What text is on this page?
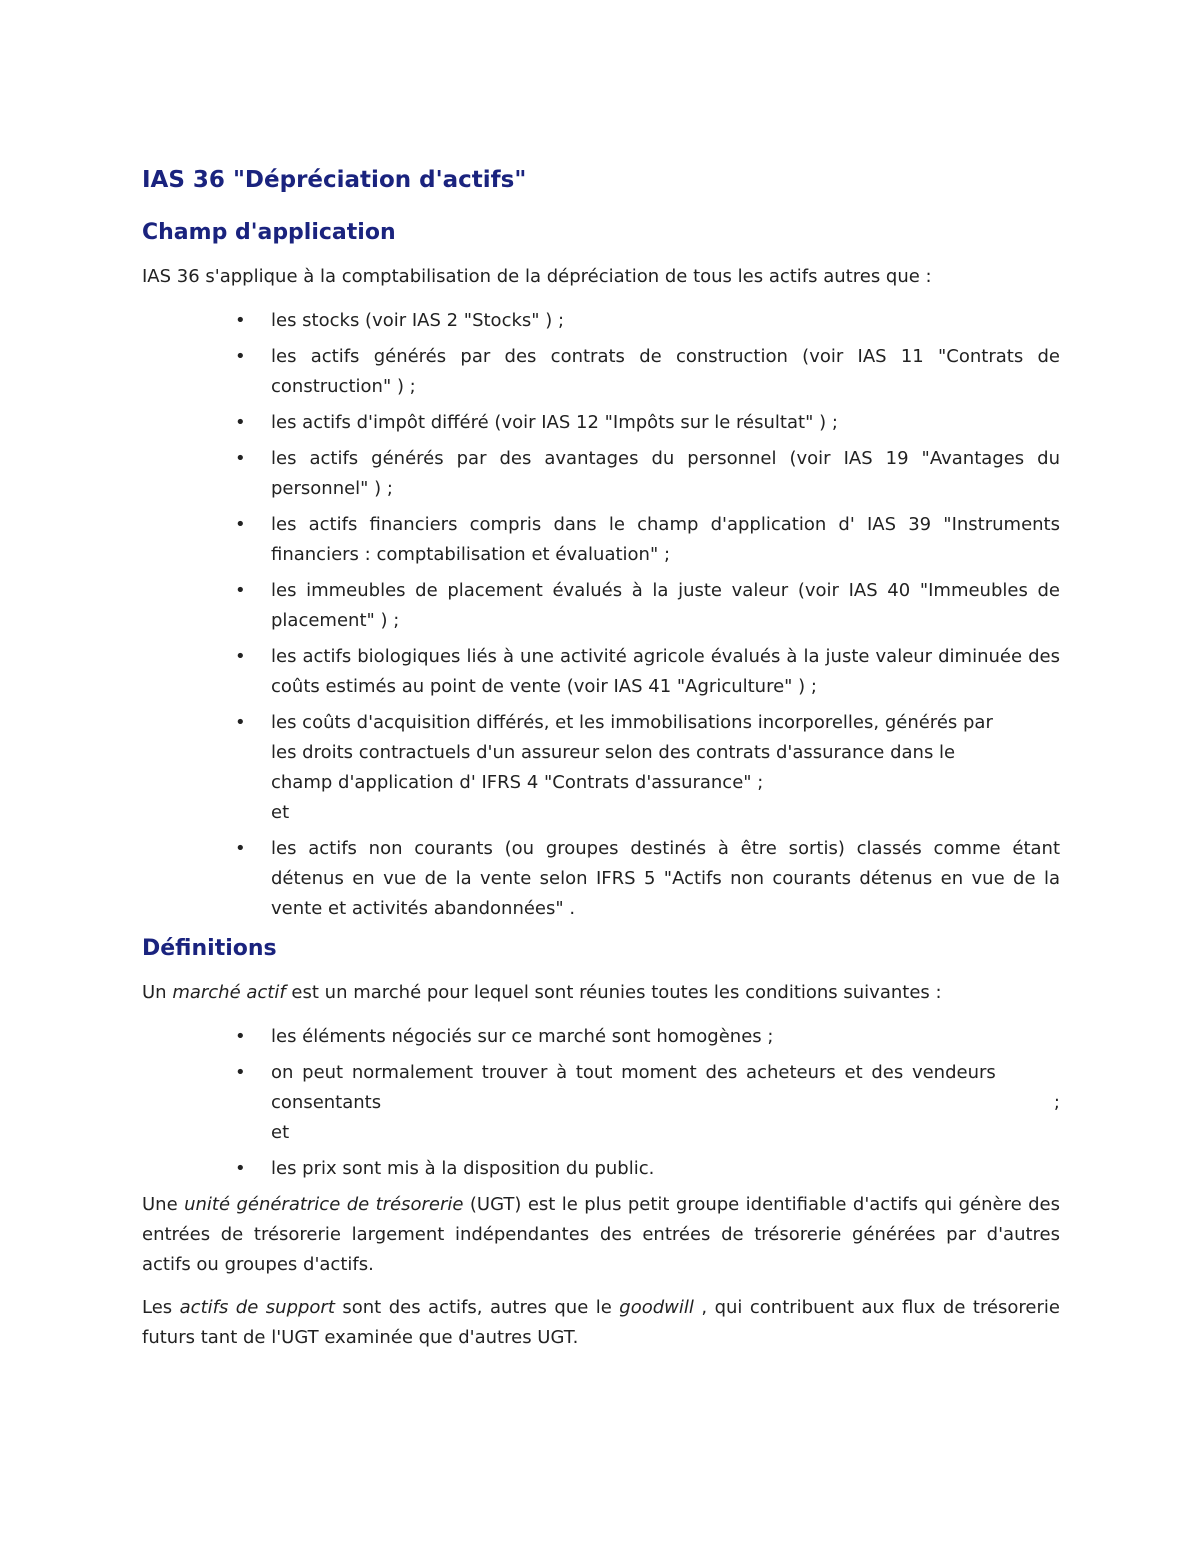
IAS 36 "Dépréciation d'actifs"
Champ d'application

IAS 36 s'applique à la comptabilisation de la dépréciation de tous les actifs autres que :

• les stocks (voir IAS 2 "Stocks" ) ;
• les actifs générés par des contrats de construction (voir IAS 11 "Contrats de construction" ) ;
• les actifs d'impôt différé (voir IAS 12 "Impôts sur le résultat" ) ;
• les actifs générés par des avantages du personnel (voir IAS 19 "Avantages du personnel" ) ;
• les actifs financiers compris dans le champ d'application d' IAS 39 "Instruments financiers : comptabilisation et évaluation" ;
• les immeubles de placement évalués à la juste valeur (voir IAS 40 "Immeubles de placement" ) ;
• les actifs biologiques liés à une activité agricole évalués à la juste valeur diminuée des coûts estimés au point de vente (voir IAS 41 "Agriculture" ) ;
• les coûts d'acquisition différés, et les immobilisations incorporelles, générés par
les droits contractuels d'un assureur selon des contrats d'assurance dans le
champ d'application d' IFRS 4 "Contrats d'assurance" ;
et
• les actifs non courants (ou groupes destinés à être sortis) classés comme étant détenus en vue de la vente selon IFRS 5 "Actifs non courants détenus en vue de la vente et activités abandonnées" .
Définitions

Un marché actif est un marché pour lequel sont réunies toutes les conditions suivantes :

• les éléments négociés sur ce marché sont homogènes ;
• on peut normalement trouver à tout moment des acheteurs et des vendeurs
consentants	;
et
• les prix sont mis à la disposition du public.

Une unité génératrice de trésorerie (UGT) est le plus petit groupe identifiable d'actifs qui génère des entrées de trésorerie largement indépendantes des entrées de trésorerie générées par d'autres actifs ou groupes d'actifs.

Les actifs de support sont des actifs, autres que le goodwill , qui contribuent aux flux de trésorerie futurs tant de l'UGT examinée que d'autres UGT.
